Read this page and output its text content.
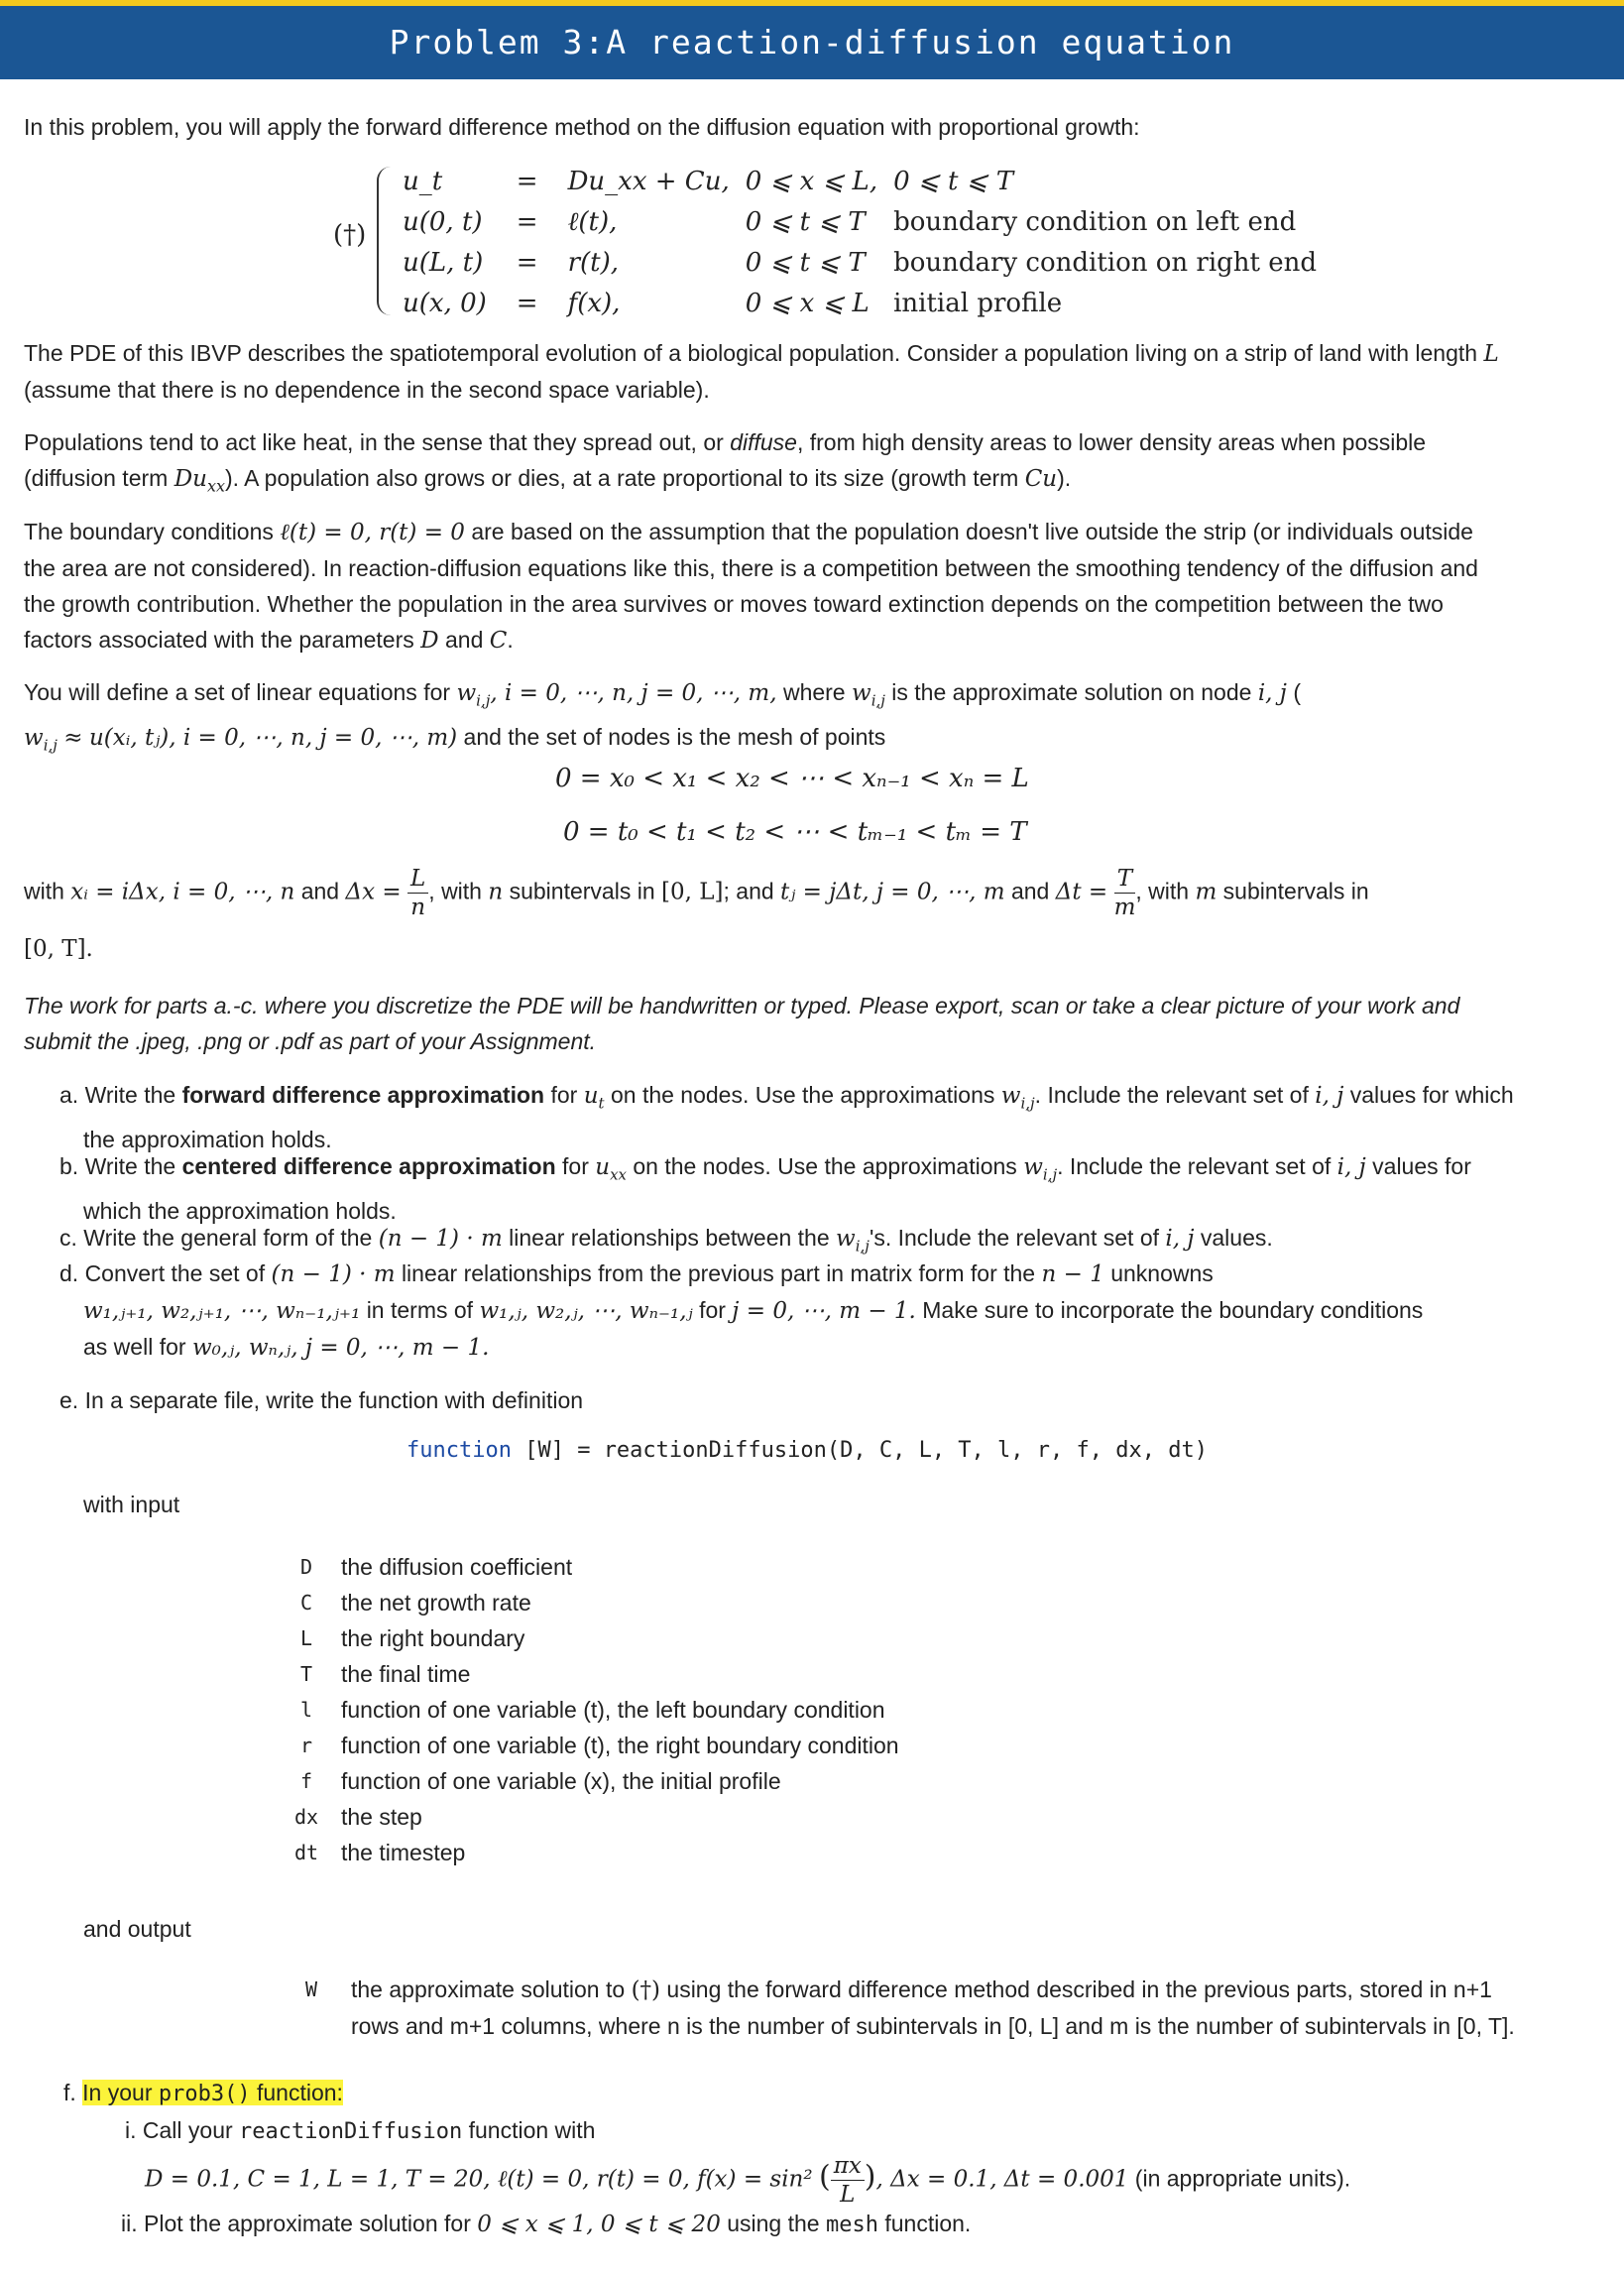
Problem 3:A reaction-diffusion equation
In this problem, you will apply the forward difference method on the diffusion equation with proportional growth:
(†)
u_t	=	Du_xx + Cu,	0 ⩽ x ⩽ L,	0 ⩽ t ⩽ T
u(0, t)	=	ℓ(t),	0 ⩽ t ⩽ T	boundary condition on left end
u(L, t)	=	r(t),	0 ⩽ t ⩽ T	boundary condition on right end
u(x, 0)	=	f(x),	0 ⩽ x ⩽ L	initial profile
The PDE of this IBVP describes the spatiotemporal evolution of a biological population. Consider a population living on a strip of land with length L
(assume that there is no dependence in the second space variable).
Populations tend to act like heat, in the sense that they spread out, or diffuse, from high density areas to lower density areas when possible
(diffusion term $Du_{xx}$). A population also grows or dies, at a rate proportional to its size (growth term Cu).
The boundary conditions ℓ(t) = 0, r(t) = 0 are based on the assumption that the population doesn't live outside the strip (or individuals outside
the area are not considered). In reaction-diffusion equations like this, there is a competition between the smoothing tendency of the diffusion and
the growth contribution. Whether the population in the area survives or moves toward extinction depends on the competition between the two
factors associated with the parameters D and C.
You will define a set of linear equations for $w_{i,j}$, i = 0, ⋯, n, j = 0, ⋯, m, where $w_{i,j}$ is the approximate solution on node i, j (
$w_{i,j}$ ≈ u(xᵢ, tⱼ), i = 0, ⋯, n, j = 0, ⋯, m) and the set of nodes is the mesh of points
0 = x₀ < x₁ < x₂ < ⋯ < xₙ₋₁ < xₙ = L
0 = t₀ < t₁ < t₂ < ⋯ < tₘ₋₁ < tₘ = T
with xᵢ = iΔx, i = 0, ⋯, n and $\Delta x = \frac{L}{n}$ , with n subintervals in [0, L]; and tⱼ = jΔt, j = 0, ⋯, m and $\Delta t = \frac{T}{m}$ , with m subintervals in
[0, T].
The work for parts a.-c. where you discretize the PDE will be handwritten or typed. Please export, scan or take a clear picture of your work and
submit the .jpeg, .png or .pdf as part of your Assignment.
a. Write the forward difference approximation for $u_t$ on the nodes. Use the approximations $w_{i,j}$. Include the relevant set of i, j values for which
the approximation holds.
b. Write the centered difference approximation for $u_{xx}$ on the nodes. Use the approximations $w_{i,j}$. Include the relevant set of i, j values for
which the approximation holds.
c. Write the general form of the (n − 1) · m linear relationships between the $w_{i,j}'s$. Include the relevant set of i, j values.
d. Convert the set of (n − 1) · m linear relationships from the previous part in matrix form for the n − 1 unknowns
w₁,ⱼ₊₁, w₂,ⱼ₊₁, ⋯, wₙ₋₁,ⱼ₊₁ in terms of w₁,ⱼ, w₂,ⱼ, ⋯, wₙ₋₁,ⱼ for j = 0, ⋯, m − 1. Make sure to incorporate the boundary conditions
as well for w₀,ⱼ, wₙ,ⱼ, j = 0, ⋯, m − 1.
e. In a separate file, write the function with definition
function [W] = reactionDiffusion(D, C, L, T, l, r, f, dx, dt)
with input
D	the diffusion coefficient
C	the net growth rate
L	the right boundary
T	the final time
l	function of one variable (t), the left boundary condition
r	function of one variable (t), the right boundary condition
f	function of one variable (x), the initial profile
dx	the step
dt	the timestep
and output
W the approximate solution to (†) using the forward difference method described in the previous parts, stored in n+1
rows and m+1 columns, where n is the number of subintervals in [0, L] and m is the number of subintervals in [0, T].
f. In your prob3() function:
i. Call your reactionDiffusion function with
D = 0.1, C = 1, L = 1, T = 20, ℓ(t) = 0, r(t) = 0, f(x) = sin² ( $\frac{\pi x}{L}$ ), Δx = 0.1, Δt = 0.001 (in appropriate units).
ii. Plot the approximate solution for 0 ⩽ x ⩽ 1, 0 ⩽ t ⩽ 20 using the mesh function.
